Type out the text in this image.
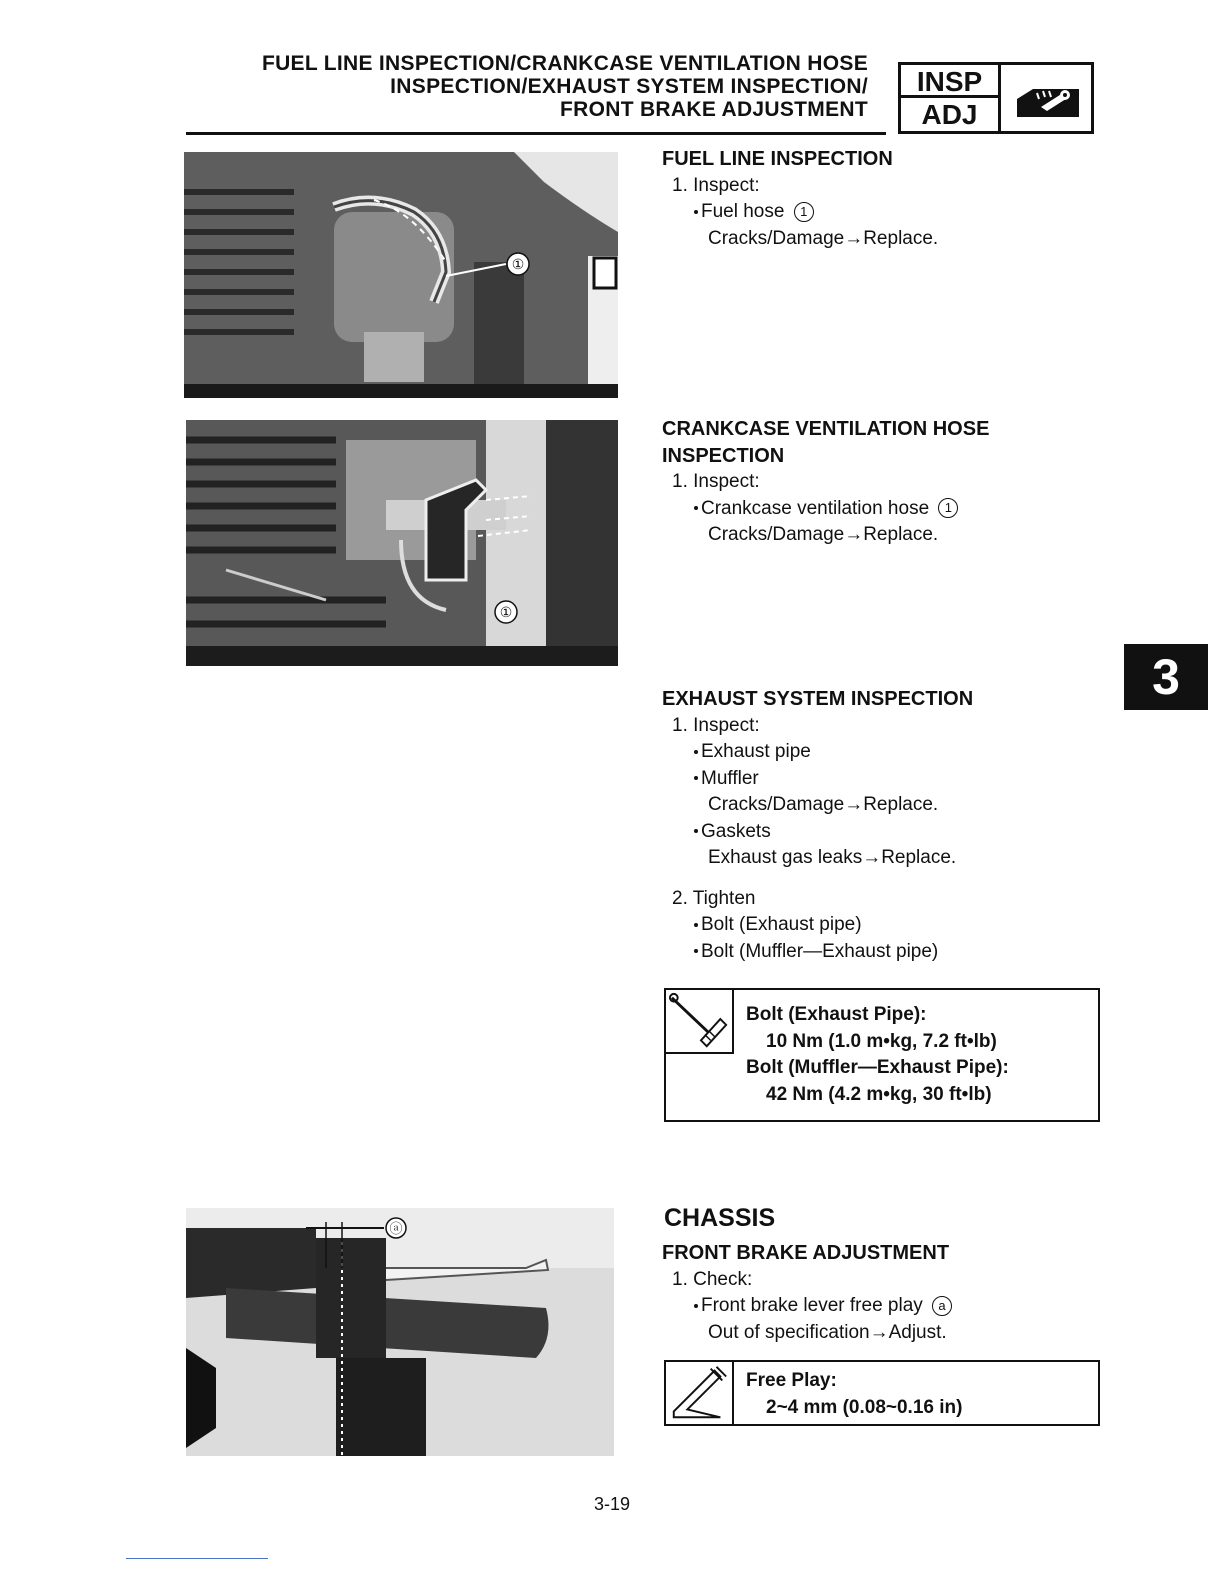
FUEL LINE INSPECTION/CRANKCASE VENTILATION HOSE
INSPECTION/EXHAUST SYSTEM INSPECTION/
FRONT BRAKE ADJUSTMENT
INSP
ADJ
①
①
ⓐ
FUEL LINE INSPECTION
1. Inspect:
Fuel hose 1
Cracks/Damage→Replace.
CRANKCASE VENTILATION HOSE
INSPECTION
1. Inspect:
Crankcase ventilation hose 1
Cracks/Damage→Replace.
EXHAUST SYSTEM INSPECTION
1. Inspect:
Exhaust pipe
Muffler
Cracks/Damage→Replace.
Gaskets
Exhaust gas leaks→Replace.
2. Tighten
Bolt (Exhaust pipe)
Bolt (Muffler—Exhaust pipe)
Bolt (Exhaust Pipe):
10 Nm (1.0 m•kg, 7.2 ft•lb)
Bolt (Muffler—Exhaust Pipe):
42 Nm (4.2 m•kg, 30 ft•lb)
CHASSIS
FRONT BRAKE ADJUSTMENT
1. Check:
Front brake lever free play a
Out of specification→Adjust.
Free Play:
2~4 mm (0.08~0.16 in)
3
3-19
